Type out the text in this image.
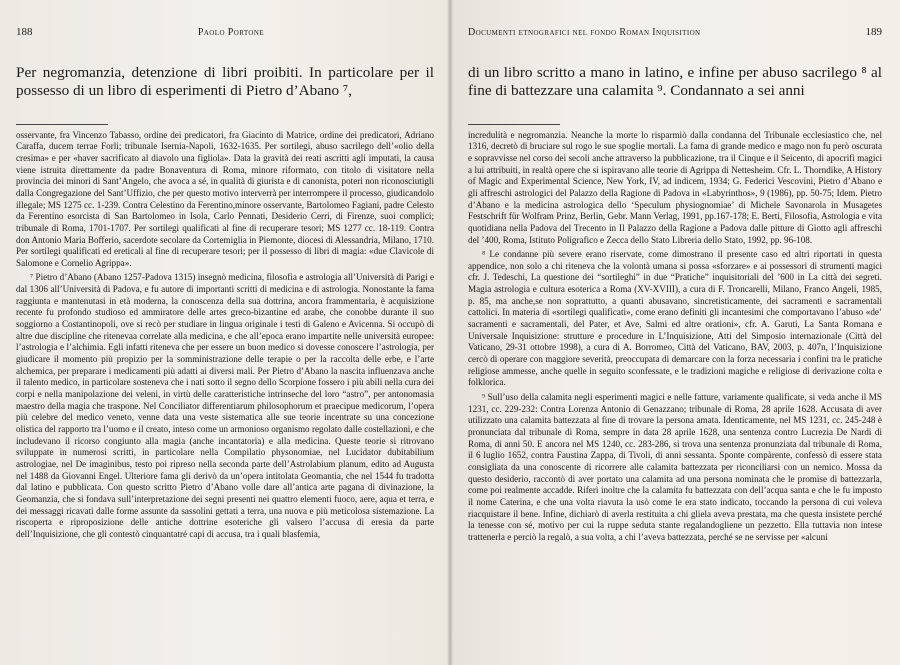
188	Paolo Portone

Per negromanzia, detenzione di libri proibiti. In particolare per il possesso di un libro di esperimenti di Pietro d’Abano ⁷,

osservante, fra Vincenzo Tabasso, ordine dei predicatori, fra Giacinto di Matrice, ordine dei predicatori, Adriano Caraffa, ducem terrae Forli; tribunale Isernia-Napoli, 1632-1635. Per sortilegi, abuso sacrilego dell’«olio della cresima» e per «haver sacrificato al diavolo una figliola». Data la gravità dei reati ascritti agli imputati, la causa viene istruita direttamente da padre Bonaventura di Roma, minore riformato, con titolo di visitatore nella provincia dei minori di Sant’Angelo, che avoca a sé, in qualità di giurista e di canonista, poteri non riconosciutigli dalla Congregazione del Sant’Uffizio, che per questo motivo interverrà per interrompere il processo, giudicandolo illegale; MS 1275 cc. 1-239. Contra Celestino da Ferentino,minore osservante, Bartolomeo Fagiani, padre Celesto da Ferentino esorcista di San Bartolomeo in Isola, Carlo Pennati, Desiderio Cerri, di Firenze, suoi complici; tribunale di Roma, 1701-1707. Per sortilegi qualificati al fine di recuperare tesori; MS 1277 cc. 18-119. Contra don Antonio Maria Bofferio, sacerdote secolare da Cortemiglia in Piemonte, diocesi di Alessandria, Milano, 1710. Per sortilegi qualificati ed ereticali al fine di recuperare tesori; per il possesso di libri di magia: «due Clavicole di Salomone e Cornelio Agrippa».

⁷ Pietro d’Abano (Abano 1257-Padova 1315) insegnò medicina, filosofia e astrologia all’Università di Parigi e dal 1306 all’Università di Padova, e fu autore di importanti scritti di medicina e di astrologia. Nonostante la fama raggiunta e mantenutasi in età moderna, la conoscenza della sua dottrina, ancora frammentaria, è acquisizione recente fu profondo studioso ed ammiratore delle artes greco-bizantine ed arabe, che conobbe durante il suo soggiorno a Costantinopoli, ove si recò per studiare in lingua originale i testi di Galeno e Avicenna. Si occupò di altre due discipline che ritenevaa correlate alla medicina, e che all’epoca erano impartite nelle università europee: l’astrologia e l’alchimia. Egli infatti riteneva che per essere un buon medico si dovesse conoscere l’astrologia, per giudicare il momento più propizio per la somministrazione delle terapie o per la raccolta delle erbe, e l’arte alchemica, per preparare i medicamenti più adatti ai diversi mali. Per Pietro d’Abano la nascita influenzava anche il talento medico, in particolare sosteneva che i nati sotto il segno dello Scorpione fossero i più abili nella cura dei corpi e nella manipolazione dei veleni, in virtù delle caratteristiche intrinseche del loro “astro”, per antonomasia maestro della magia che traspone. Nel Conciliator differentiarum philosophorum et praecipue medicorum, l’opera più celebre del medico veneto, venne data una veste sistematica alle sue teorie incentrate su una concezione olistica del rapporto tra l’uomo e il creato, inteso come un armonioso organismo regolato dalle costellazioni, e che includevano il ricorso congiunto alla magia (anche incantatoria) e alla medicina. Queste teorie si ritrovano sviluppate in numerosi scritti, in particolare nella Compilatio physonomiae, nel Lucidator dubitabilium astrologiae, nel De imaginibus, testo poi ripreso nella seconda parte dell’Astrolabium planum, edito ad Augusta nel 1488 da Giovanni Engel. Ulteriore fama gli derivò da un’opera intitolata Geomantia, che nel 1544 fu tradotta dal latino e pubblicata. Con questo scritto Pietro d’Abano volle dare all’antica arte pagana di divinazione, la Geomanzia, che si fondava sull’interpretazione dei segni presenti nei quattro elementi fuoco, aere, aqua et terra, e dei messaggi ricavati dalle forme assunte da sassolini gettati a terra, una nuova e più meticolosa sistemazione. La riscoperta e riproposizione delle antiche dottrine esoteriche gli valsero l’accusa di eresia da parte dell’Inquisizione, che gli contestò cinquantatré capi di accusa, tra i quali blasfemia,

Documenti etnografici nel fondo Roman Inquisition	189

di un libro scritto a mano in latino, e infine per abuso sacrilego ⁸ al fine di battezzare una calamita ⁹. Condannato a sei anni

incredulità e negromanzia. Neanche la morte lo risparmiò dalla condanna del Tribunale ecclesiastico che, nel 1316, decretò di bruciare sul rogo le sue spoglie mortali. La fama di grande medico e mago non fu però oscurata e sopravvisse nel corso dei secoli anche attraverso la pubblicazione, tra il Cinque e il Seicento, di apocrifi magici a lui attribuiti, in realtà opere che si ispiravano alle teorie di Agrippa di Nettesheim. Cfr. L. Thorndike, A History of Magic and Experimental Science, New York, IV, ad indicem, 1934; G. Federici Vescovini, Pietro d’Abano e gli affreschi astrologici del Palazzo della Ragione di Padova in «Labyrinthos», 9 (1986), pp. 50-75; Idem. Pietro d’Abano e la medicina astrologica dello ‘Speculum physiognomiae’ di Michele Savonarola in Musagetes Festschrift für Wolfram Prinz, Berlin, Gebr. Mann Verlag, 1991, pp.167-178; E. Berti, Filosofia, Astrologia e vita quotidiana nella Padova del Trecento in Il Palazzo della Ragione a Padova dalle pitture di Giotto agli affreschi del ’400, Roma, Istituto Poligrafico e Zecca dello Stato Libreria dello Stato, 1992, pp. 96-108.

⁸ Le condanne più severe erano riservate, come dimostrano il presente caso ed altri riportati in questa appendice, non solo a chi riteneva che la volontà umana si possa «sforzare» e ai possessori di strumenti magici cfr. J. Tedeschi, La questione dei “sortileghi” in due “Pratiche” inquisitoriali del ’600 in La città dei segreti. Magia astrologia e cultura esoterica a Roma (XV-XVIII), a cura di F. Troncarelli, Milano, Franco Angeli, 1985, p. 85, ma anche,se non soprattutto, a quanti abusavano, sincretisticamente, dei sacramenti e sacramentali cattolici. In materia di «sortilegi qualificati», come erano definiti gli incantesimi che comportavano l’abuso «de’ sacramenti e sacramentali, del Pater, et Ave, Salmi ed altre orationi», cfr. A. Garuti, La Santa Romana e Universale Inquisizione: strutture e procedure in L’Inquisizione, Atti del Simposio internazionale (Città del Vaticano, 29-31 ottobre 1998), a cura di A. Borromeo, Città del Vaticano, BAV, 2003, p. 407n, l’Inquisizione cercò di operare con maggiore severità, preoccupata di demarcare con la forza necessaria i confini tra le pratiche religiose ammesse, anche quelle in seguito sconfessate, e le tradizioni magiche e religiose di derivazione colta e folklorica.

⁹ Sull’uso della calamita negli esperimenti magici e nelle fatture, variamente qualificate, si veda anche il MS 1231, cc. 229-232: Contra Lorenza Antonio di Genazzano; tribunale di Roma, 28 aprile 1628. Accusata di aver utilizzato una calamita battezzata al fine di trovare la persona amata. Identicamente, nel MS 1231, cc. 245-248 è pronunciata dal tribunale di Roma, sempre in data 28 aprile 1628, una sentenza contro Lucrezia De Nardi di Roma, di anni 50. E ancora nel MS 1240, cc. 283-286, si trova una sentenza pronunziata dal tribunale di Roma, il 6 luglio 1652, contra Faustina Zappa, di Tivoli, di anni sessanta. Sponte compàrente, confessò di essere stata consigliata da una conoscente di ricorrere alle calamita battezzata per riconciliarsi con un nemico. Mossa da questo desiderio, raccontò di aver portato una calamita ad una persona nominata che le promise di battezzarla, come poi realmente accadde. Riferì inoltre che la calamita fu battezzata con dell’acqua santa e che le fu imposto il nome Caterina, e che una volta riavuta la usò come le era stato indicato, toccando la persona di cui voleva riacquistare il bene. Infine, dichiarò di averla restituita a chi gliela aveva prestata, ma che questa insistete perché la tenesse con sé, motivo per cui la ruppe seduta stante regalandogliene un pezzetto. Ella tuttavia non intese trattenerla e perciò la regalò, a sua volta, a chi l’aveva battezzata, perché se ne servisse per «alcuni
